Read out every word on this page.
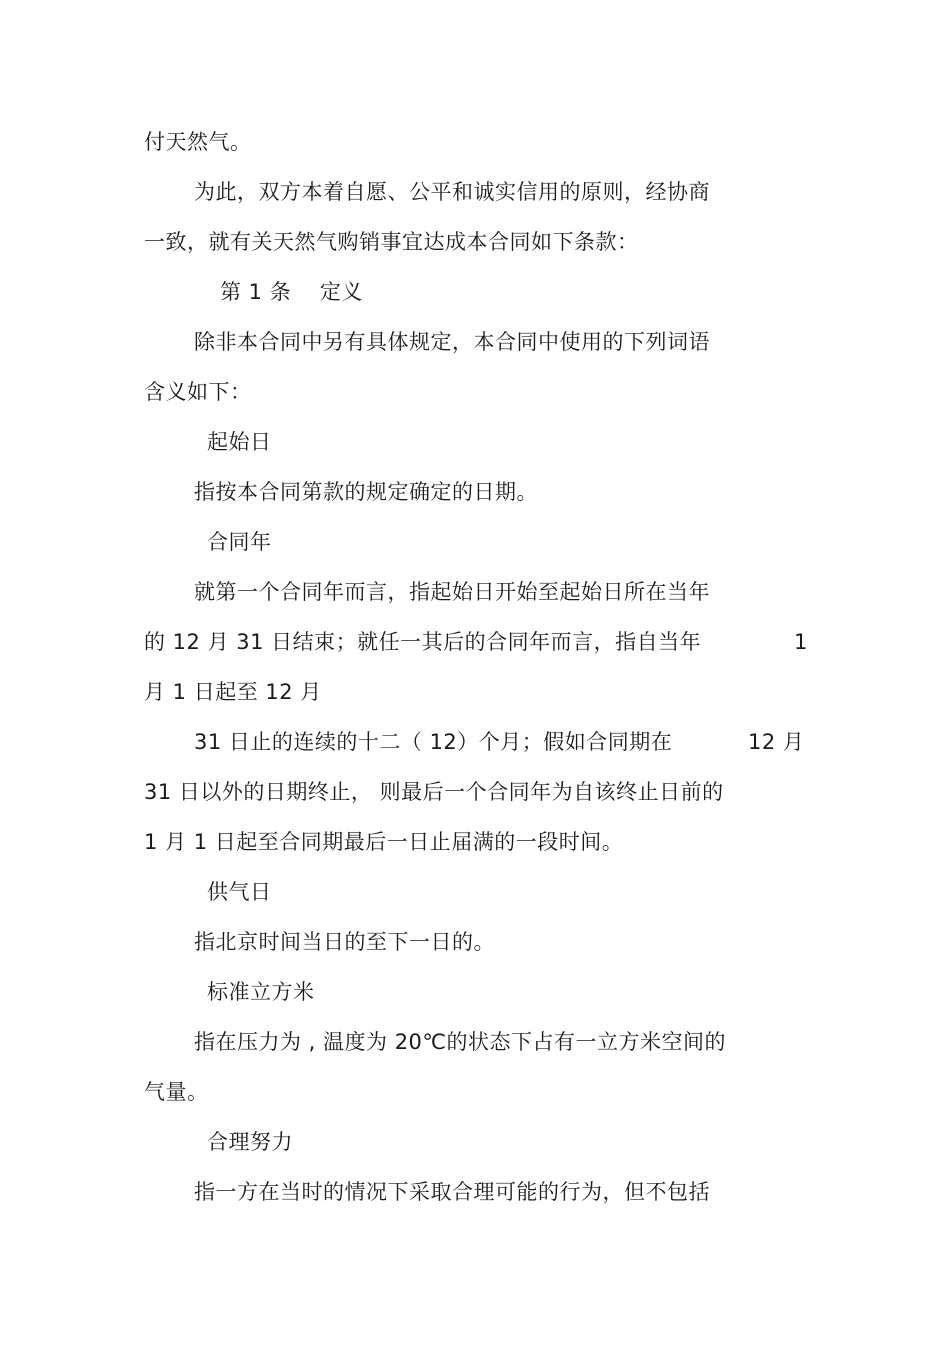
付天然气。
为此，双方本着自愿、公平和诚实信用的原则，经协商
一致，就有关天然气购销事宜达成本合同如下条款：
第 1 条　 定义
除非本合同中另有具体规定，本合同中使用的下列词语
含义如下：
起始日
指按本合同第款的规定确定的日期。
合同年
就第一个合同年而言，指起始日开始至起始日所在当年
的 12 月 31 日结束；就任一其后的合同年而言，指自当年	1
月 1 日起至 12 月
31 日止的连续的十二（ 12）个月；假如合同期在	12 月
31 日以外的日期终止， 则最后一个合同年为自该终止日前的
1 月 1 日起至合同期最后一日止届满的一段时间。
供气日
指北京时间当日的至下一日的。
标准立方米
指在压力为 , 温度为 20℃的状态下占有一立方米空间的
气量。
合理努力
指一方在当时的情况下采取合理可能的行为，但不包括
